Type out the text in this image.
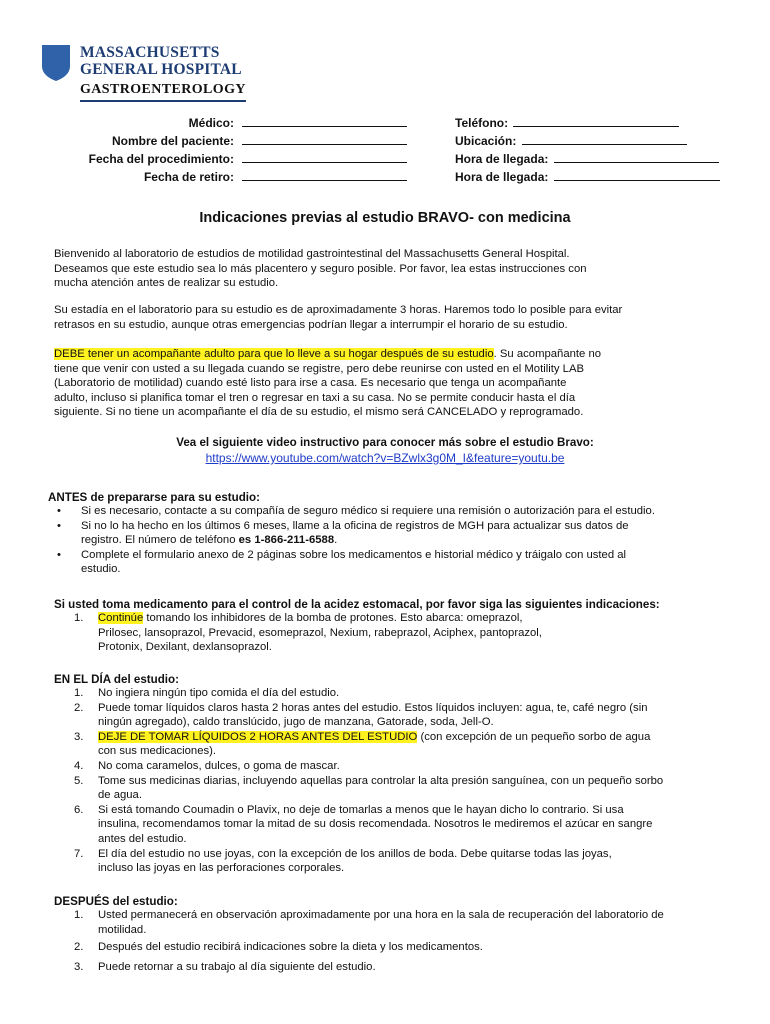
MASSACHUSETTS
GENERAL HOSPITAL
GASTROENTEROLOGY
Médico:
Nombre del paciente:
Fecha del procedimiento:
Fecha de retiro:
Teléfono:
Ubicación:
Hora de llegada:
Hora de llegada:
Indicaciones previas al estudio BRAVO- con medicina
Bienvenido al laboratorio de estudios de motilidad gastrointestinal del Massachusetts General Hospital.
Deseamos que este estudio sea lo más placentero y seguro posible. Por favor, lea estas instrucciones con
mucha atención antes de realizar su estudio.
Su estadía en el laboratorio para su estudio es de aproximadamente 3 horas. Haremos todo lo posible para evitar
retrasos en su estudio, aunque otras emergencias podrían llegar a interrumpir el horario de su estudio.
DEBE tener un acompañante adulto para que lo lleve a su hogar después de su estudio. Su acompañante no
tiene que venir con usted a su llegada cuando se registre, pero debe reunirse con usted en el Motility LAB
(Laboratorio de motilidad) cuando esté listo para irse a casa. Es necesario que tenga un acompañante
adulto, incluso si planifica tomar el tren o regresar en taxi a su casa. No se permite conducir hasta el día
siguiente. Si no tiene un acompañante el día de su estudio, el mismo será CANCELADO y reprogramado.
Vea el siguiente video instructivo para conocer más sobre el estudio Bravo:
https://www.youtube.com/watch?v=BZwlx3g0M_I&feature=youtu.be
ANTES de prepararse para su estudio:
• Si es necesario, contacte a su compañía de seguro médico si requiere una remisión o autorización para el estudio.
• Si no lo ha hecho en los últimos 6 meses, llame a la oficina de registros de MGH para actualizar sus datos de
registro. El número de teléfono es 1-866-211-6588.
• Complete el formulario anexo de 2 páginas sobre los medicamentos e historial médico y tráigalo con usted al
estudio.
Si usted toma medicamento para el control de la acidez estomacal, por favor siga las siguientes indicaciones:
1. Continúe tomando los inhibidores de la bomba de protones. Esto abarca: omeprazol,
Prilosec, lansoprazol, Prevacid, esomeprazol, Nexium, rabeprazol, Aciphex, pantoprazol,
Protonix, Dexilant, dexlansoprazol.
EN EL DÍA del estudio:
1. No ingiera ningún tipo comida el día del estudio.
2. Puede tomar líquidos claros hasta 2 horas antes del estudio. Estos líquidos incluyen: agua, te, café negro (sin
ningún agregado), caldo translúcido, jugo de manzana, Gatorade, soda, Jell-O.
3. DEJE DE TOMAR LÍQUIDOS 2 HORAS ANTES DEL ESTUDIO (con excepción de un pequeño sorbo de agua
con sus medicaciones).
4. No coma caramelos, dulces, o goma de mascar.
5. Tome sus medicinas diarias, incluyendo aquellas para controlar la alta presión sanguínea, con un pequeño sorbo
de agua.
6. Si está tomando Coumadin o Plavix, no deje de tomarlas a menos que le hayan dicho lo contrario. Si usa
insulina, recomendamos tomar la mitad de su dosis recomendada. Nosotros le mediremos el azúcar en sangre
antes del estudio.
7. El día del estudio no use joyas, con la excepción de los anillos de boda. Debe quitarse todas las joyas,
incluso las joyas en las perforaciones corporales.
DESPUÉS del estudio:
1. Usted permanecerá en observación aproximadamente por una hora en la sala de recuperación del laboratorio de
motilidad.
2. Después del estudio recibirá indicaciones sobre la dieta y los medicamentos.
3. Puede retornar a su trabajo al día siguiente del estudio.
